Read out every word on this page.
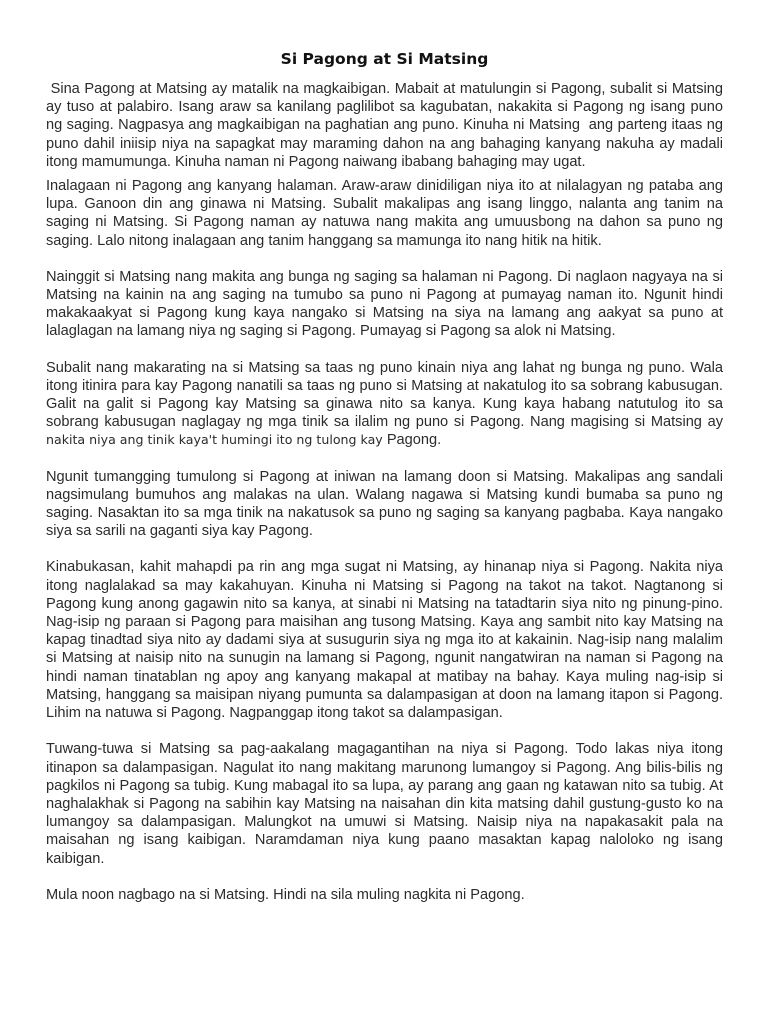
Si Pagong at Si Matsing

Sina Pagong at Matsing ay matalik na magkaibigan. Mabait at matulungin si Pagong, subalit si Matsing ay tuso at palabiro. Isang araw sa kanilang paglilibot sa kagubatan, nakakita si Pagong ng isang puno ng saging. Nagpasya ang magkaibigan na paghatian ang puno. Kinuha ni Matsing  ang parteng itaas ng puno dahil iniisip niya na sapagkat may maraming dahon na ang bahaging kanyang nakuha ay madali itong mamumunga. Kinuha naman ni Pagong naiwang ibabang bahaging may ugat.

Inalagaan ni Pagong ang kanyang halaman. Araw-araw dinidiligan niya ito at nilalagyan ng pataba ang lupa. Ganoon din ang ginawa ni Matsing. Subalit makalipas ang isang linggo, nalanta ang tanim na saging ni Matsing. Si Pagong naman ay natuwa nang makita ang umuusbong na dahon sa puno ng saging. Lalo nitong inalagaan ang tanim hanggang sa mamunga ito nang hitik na hitik.

Nainggit si Matsing nang makita ang bunga ng saging sa halaman ni Pagong. Di naglaon nagyaya na si Matsing na kainin na ang saging na tumubo sa puno ni Pagong at pumayag naman ito. Ngunit hindi makakaakyat si Pagong kung kaya nangako si Matsing na siya na lamang ang aakyat sa puno at lalaglagan na lamang niya ng saging si Pagong. Pumayag si Pagong sa alok ni Matsing.

Subalit nang makarating na si Matsing sa taas ng puno kinain niya ang lahat ng bunga ng puno. Wala itong itinira para kay Pagong nanatili sa taas ng puno si Matsing at nakatulog ito sa sobrang kabusugan. Galit na galit si Pagong kay Matsing sa ginawa nito sa kanya. Kung kaya habang natutulog ito sa sobrang kabusugan naglagay ng mga tinik sa ilalim ng puno si Pagong. Nang magising si Matsing ay nakita niya ang tinik kaya't humingi ito ng tulong kay Pagong.

Ngunit tumangging tumulong si Pagong at iniwan na lamang doon si Matsing. Makalipas ang sandali nagsimulang bumuhos ang malakas na ulan. Walang nagawa si Matsing kundi bumaba sa puno ng saging. Nasaktan ito sa mga tinik na nakatusok sa puno ng saging sa kanyang pagbaba. Kaya nangako siya sa sarili na gaganti siya kay Pagong.

Kinabukasan, kahit mahapdi pa rin ang mga sugat ni Matsing, ay hinanap niya si Pagong. Nakita niya itong naglalakad sa may kakahuyan. Kinuha ni Matsing si Pagong na takot na takot. Nagtanong si Pagong kung anong gagawin nito sa kanya, at sinabi ni Matsing na tatadtarin siya nito ng pinung-pino. Nag-isip ng paraan si Pagong para maisihan ang tusong Matsing. Kaya ang sambit nito kay Matsing na kapag tinadtad siya nito ay dadami siya at susugurin siya ng mga ito at kakainin. Nag-isip nang malalim si Matsing at naisip nito na sunugin na lamang si Pagong, ngunit nangatwiran na naman si Pagong na hindi naman tinatablan ng apoy ang kanyang makapal at matibay na bahay. Kaya muling nag-isip si Matsing, hanggang sa maisipan niyang pumunta sa dalampasigan at doon na lamang itapon si Pagong. Lihim na natuwa si Pagong. Nagpanggap itong takot sa dalampasigan.

Tuwang-tuwa si Matsing sa pag-aakalang magagantihan na niya si Pagong. Todo lakas niya itong itinapon sa dalampasigan. Nagulat ito nang makitang marunong lumangoy si Pagong. Ang bilis-bilis ng pagkilos ni Pagong sa tubig. Kung mabagal ito sa lupa, ay parang ang gaan ng katawan nito sa tubig. At naghalakhak si Pagong na sabihin kay Matsing na naisahan din kita matsing dahil gustung-gusto ko na lumangoy sa dalampasigan. Malungkot na umuwi si Matsing. Naisip niya na napakasakit pala na maisahan ng isang kaibigan. Naramdaman niya kung paano masaktan kapag naloloko ng isang kaibigan.

Mula noon nagbago na si Matsing. Hindi na sila muling nagkita ni Pagong.
